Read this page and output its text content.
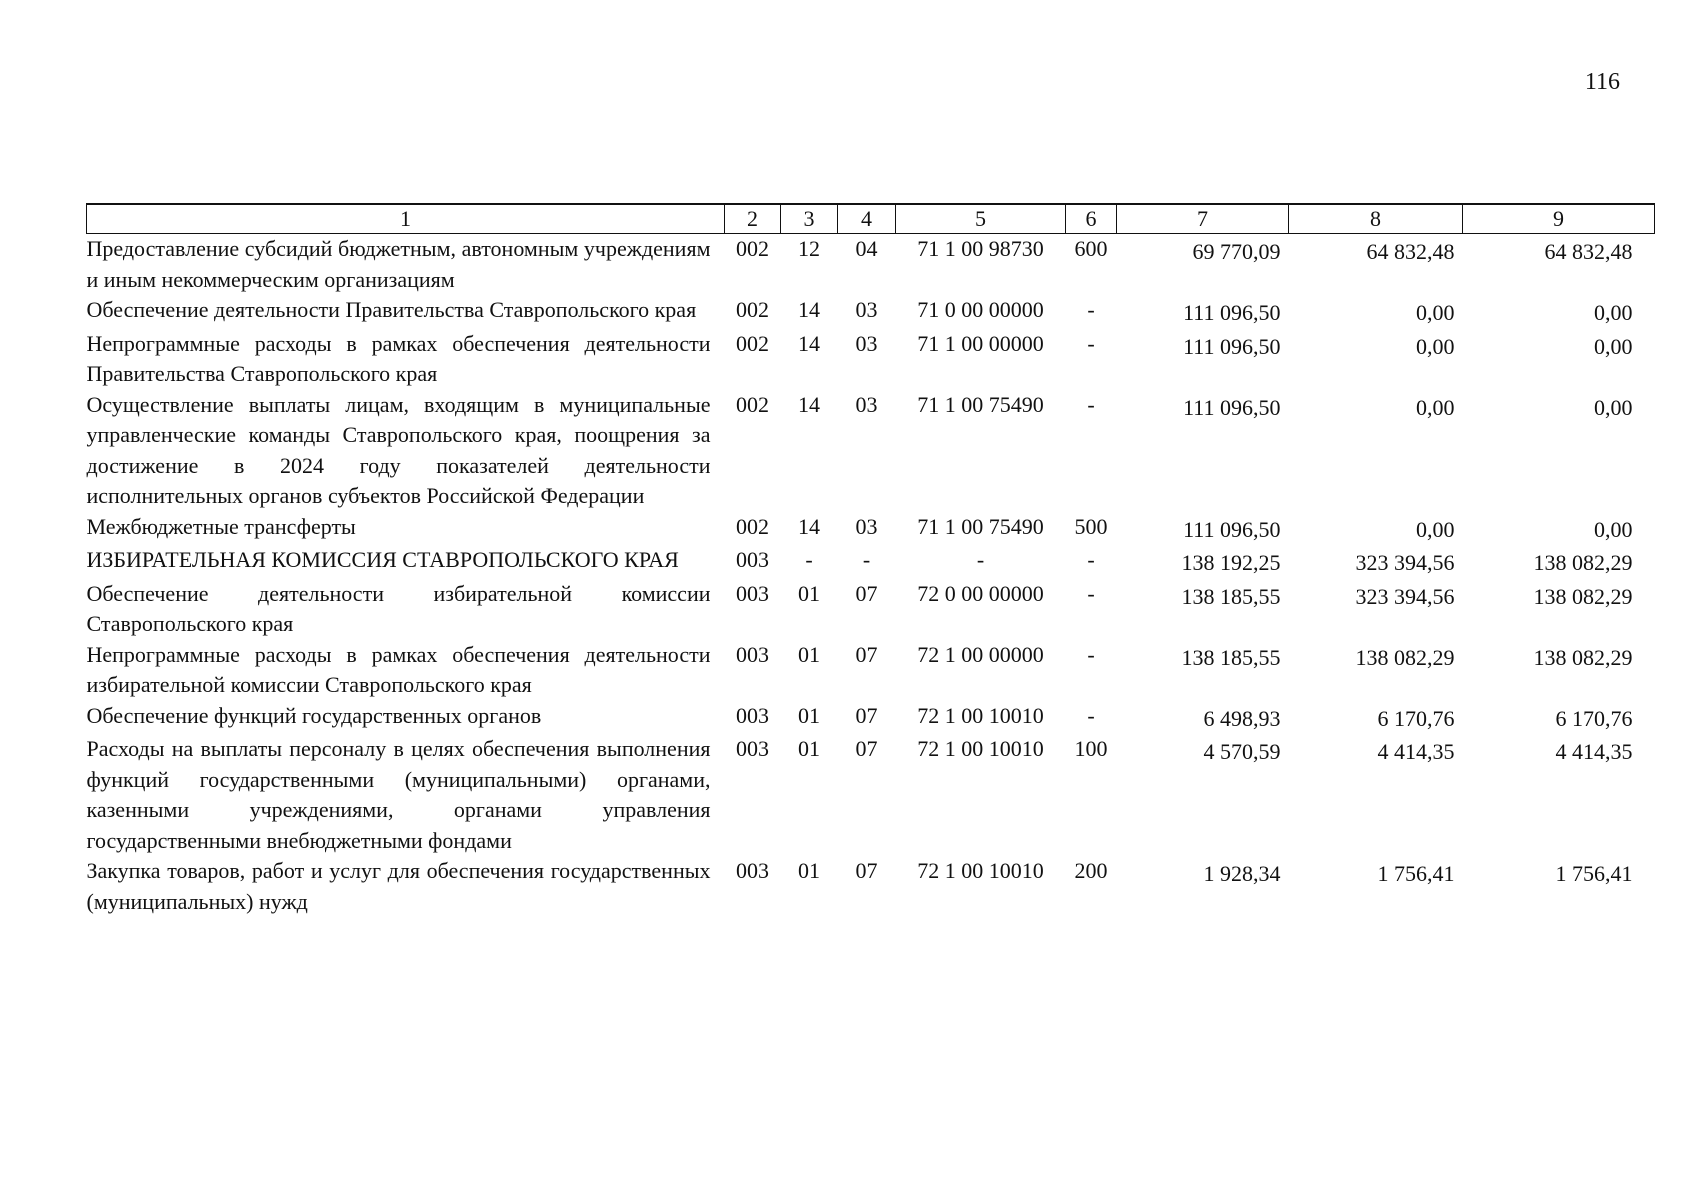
116
1	2	3	4	5	6	7	8	9
Предоставление субсидий бюджетным, автономным учреждениям и иным некоммерческим организациям	002	12	04	71 1 00 98730	600	69 770,09	64 832,48	64 832,48
Обеспечение деятельности Правительства Ставропольского края	002	14	03	71 0 00 00000	-	111 096,50	0,00	0,00
Непрограммные расходы в рамках обеспечения деятельности Правительства Ставропольского края	002	14	03	71 1 00 00000	-	111 096,50	0,00	0,00
Осуществление выплаты лицам, входящим в муниципальные управленческие команды Ставропольского края, поощрения за достижение в 2024 году показателей деятельности исполнительных органов субъектов Российской Федерации	002	14	03	71 1 00 75490	-	111 096,50	0,00	0,00
Межбюджетные трансферты	002	14	03	71 1 00 75490	500	111 096,50	0,00	0,00
ИЗБИРАТЕЛЬНАЯ КОМИССИЯ СТАВРОПОЛЬСКОГО КРАЯ	003	-	-	-	-	138 192,25	323 394,56	138 082,29
Обеспечение деятельности избирательной комиссии Ставропольского края	003	01	07	72 0 00 00000	-	138 185,55	323 394,56	138 082,29
Непрограммные расходы в рамках обеспечения деятельности избирательной комиссии Ставропольского края	003	01	07	72 1 00 00000	-	138 185,55	138 082,29	138 082,29
Обеспечение функций государственных органов	003	01	07	72 1 00 10010	-	6 498,93	6 170,76	6 170,76
Расходы на выплаты персоналу в целях обеспечения выполнения функций государственными (муниципальными) органами, казенными учреждениями, органами управления государственными внебюджетными фондами	003	01	07	72 1 00 10010	100	4 570,59	4 414,35	4 414,35
Закупка товаров, работ и услуг для обеспечения государственных (муниципальных) нужд	003	01	07	72 1 00 10010	200	1 928,34	1 756,41	1 756,41
